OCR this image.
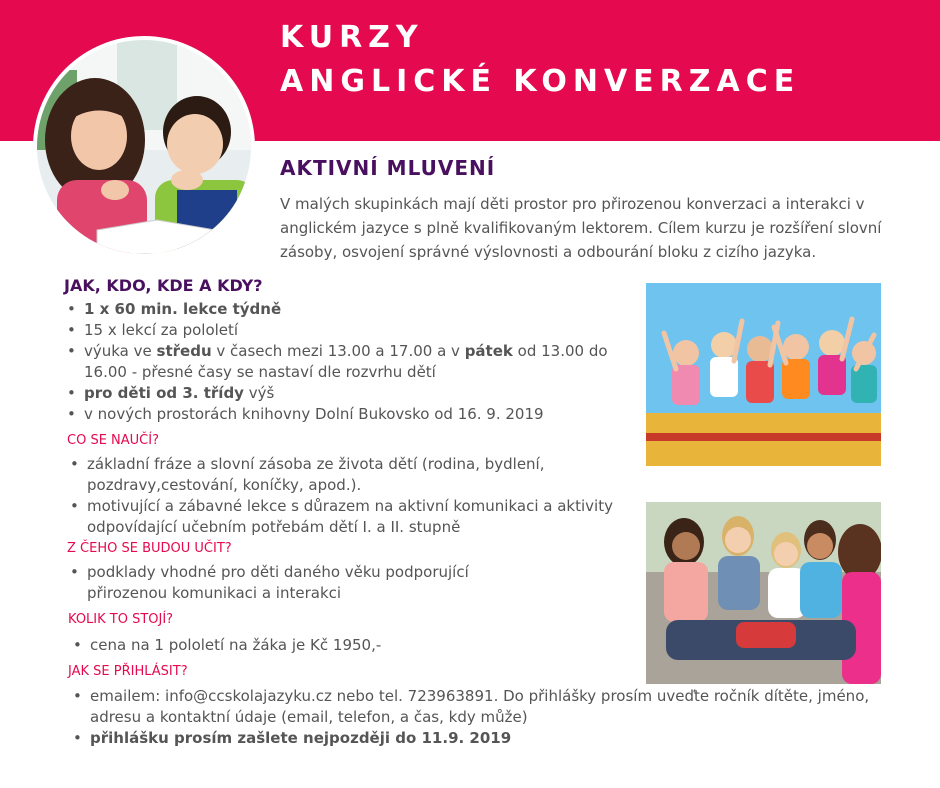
KURZY
ANGLICKÉ KONVERZACE
AKTIVNÍ MLUVENÍ

V malých skupinkách mají děti prostor pro přirozenou konverzaci a interakci v anglickém jazyce s plně kvalifikovaným lektorem. Cílem kurzu je rozšíření slovní zásoby, osvojení správné výslovnosti a odbourání bloku z cizího jazyka.

JAK, KDO, KDE A KDY?
• 1 x 60 min. lekce týdně
• 15 x lekcí za pololetí
• výuka ve středu v časech mezi 13.00 a 17.00 a v pátek od 13.00 do 16.00 - přesné časy se nastaví dle rozvrhu dětí
• pro děti od 3. třídy výš
• v nových prostorách knihovny Dolní Bukovsko od 16. 9. 2019
CO SE NAUČÍ?
• základní fráze a slovní zásoba ze života dětí (rodina, bydlení, pozdravy,cestování, koníčky, apod.).
• motivující a zábavné lekce s důrazem na aktivní komunikaci a aktivity odpovídající učebním potřebám dětí I. a II. stupně
Z ČEHO SE BUDOU UČIT?
• podklady vhodné pro děti daného věku podporující přirozenou komunikaci a interakci
KOLIK TO STOJÍ?
• cena na 1 pololetí na žáka je Kč 1950,-
JAK SE PŘIHLÁSIT?
• emailem: info@ccskolajazyku.cz nebo tel. 723963891. Do přihlášky prosím uveďte ročník dítěte, jméno, adresu a kontaktní údaje (email, telefon, a čas, kdy může)
• přihlášku prosím zašlete nejpozději do 11.9. 2019
